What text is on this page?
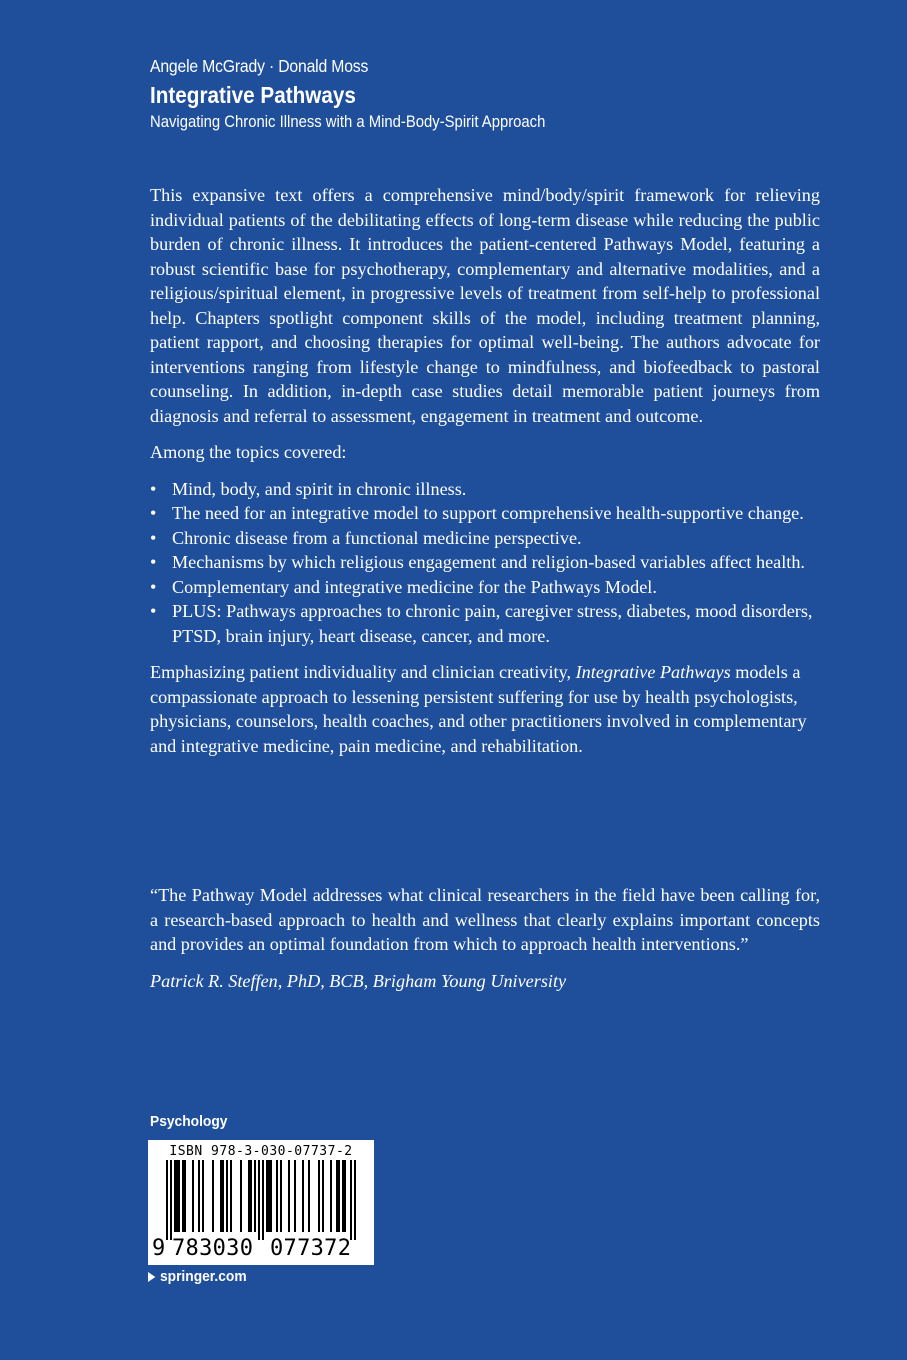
Angele McGrady · Donald Moss
Integrative Pathways
Navigating Chronic Illness with a Mind-Body-Spirit Approach

This expansive text offers a comprehensive mind/body/spirit framework for relieving individual patients of the debilitating effects of long-term disease while reducing the public burden of chronic illness. It introduces the patient-centered Pathways Model, featuring a robust scientific base for psychotherapy, complementary and alternative modalities, and a religious/spiritual element, in progressive levels of treatment from self-help to professional help. Chapters spotlight component skills of the model, including treatment planning, patient rapport, and choosing therapies for optimal well-being. The authors advocate for interventions ranging from lifestyle change to mindfulness, and biofeedback to pastoral counseling. In addition, in-depth case studies detail memorable patient journeys from diagnosis and referral to assessment, engagement in treatment and outcome.

Among the topics covered:

• Mind, body, and spirit in chronic illness.
• The need for an integrative model to support comprehensive health-supportive change.
• Chronic disease from a functional medicine perspective.
• Mechanisms by which religious engagement and religion-based variables affect health.
• Complementary and integrative medicine for the Pathways Model.
• PLUS: Pathways approaches to chronic pain, caregiver stress, diabetes, mood disorders, PTSD, brain injury, heart disease, cancer, and more.

Emphasizing patient individuality and clinician creativity, Integrative Pathways models a compassionate approach to lessening persistent suffering for use by health psychologists, physicians, counselors, health coaches, and other practitioners involved in complementary and integrative medicine, pain medicine, and rehabilitation.

“The Pathway Model addresses what clinical researchers in the field have been calling for, a research-based approach to health and wellness that clearly explains important concepts and provides an optimal foundation from which to approach health interventions.”

Patrick R. Steffen, PhD, BCB, Brigham Young University
Psychology
ISBN 978-3-030-07737-2
9 783030 077372
springer.com
